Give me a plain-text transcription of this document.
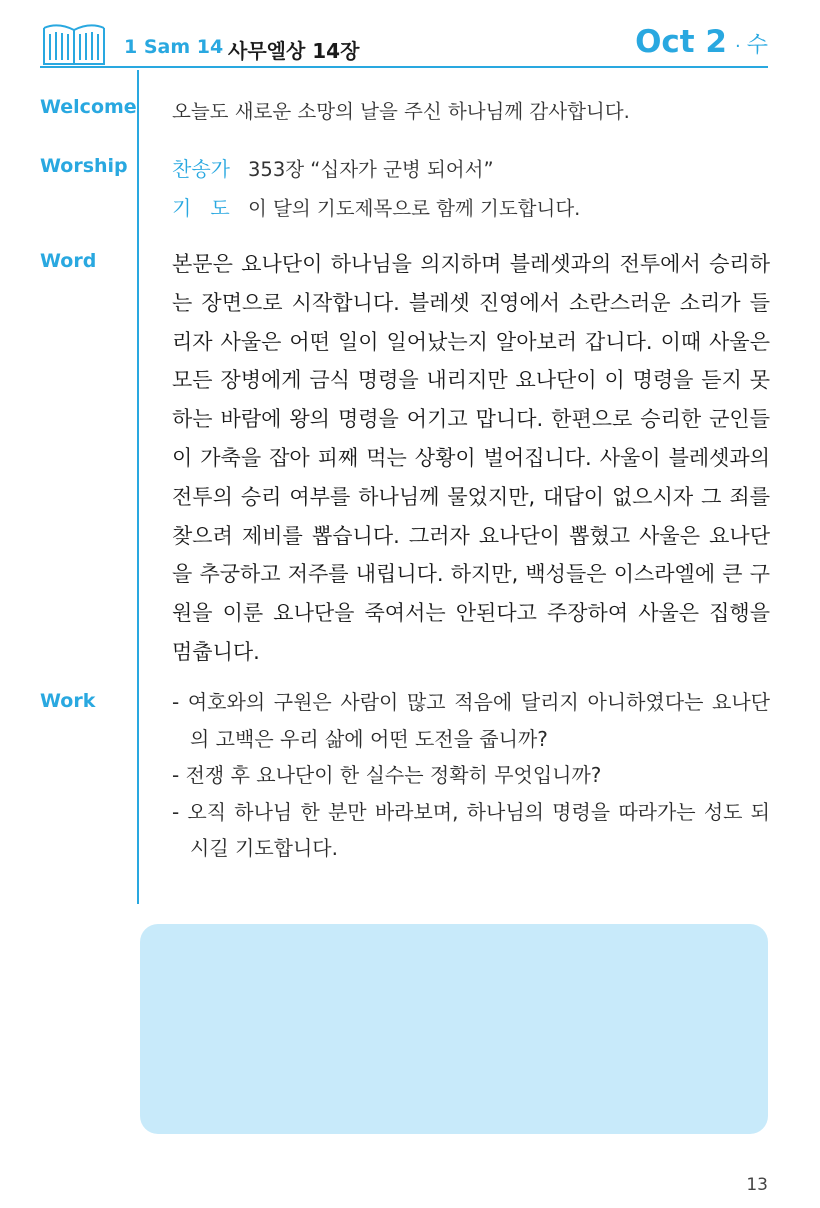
1 Sam 14 사무엘상 14장	Oct 2 · 수
Welcome 오늘도 새로운 소망의 날을 주신 하나님께 감사합니다.
Worship 찬송가 353장 “십자가 군병 되어서”
기   도 이 달의 기도제목으로 함께 기도합니다.
Word	본문은 요나단이 하나님을 의지하며 블레셋과의 전투에서 승리하는 장면으로 시작합니다. 블레셋 진영에서 소란스러운 소리가 들리자 사울은 어떤 일이 일어났는지 알아보러 갑니다. 이때 사울은 모든 장병에게 금식 명령을 내리지만 요나단이 이 명령을 듣지 못하는 바람에 왕의 명령을 어기고 맙니다. 한편으로 승리한 군인들이 가축을 잡아 피째 먹는 상황이 벌어집니다. 사울이 블레셋과의 전투의 승리 여부를 하나님께 물었지만, 대답이 없으시자 그 죄를 찾으려 제비를 뽑습니다. 그러자 요나단이 뽑혔고 사울은 요나단을 추궁하고 저주를 내립니다. 하지만, 백성들은 이스라엘에 큰 구원을 이룬 요나단을 죽여서는 안된다고 주장하여 사울은 집행을 멈춥니다.
Work	- 여호와의 구원은 사람이 많고 적음에 달리지 아니하였다는 요나단의 고백은 우리 삶에 어떤 도전을 줍니까?
- 전쟁 후 요나단이 한 실수는 정확히 무엇입니까?
- 오직 하나님 한 분만 바라보며, 하나님의 명령을 따라가는 성도 되시길 기도합니다.
13
